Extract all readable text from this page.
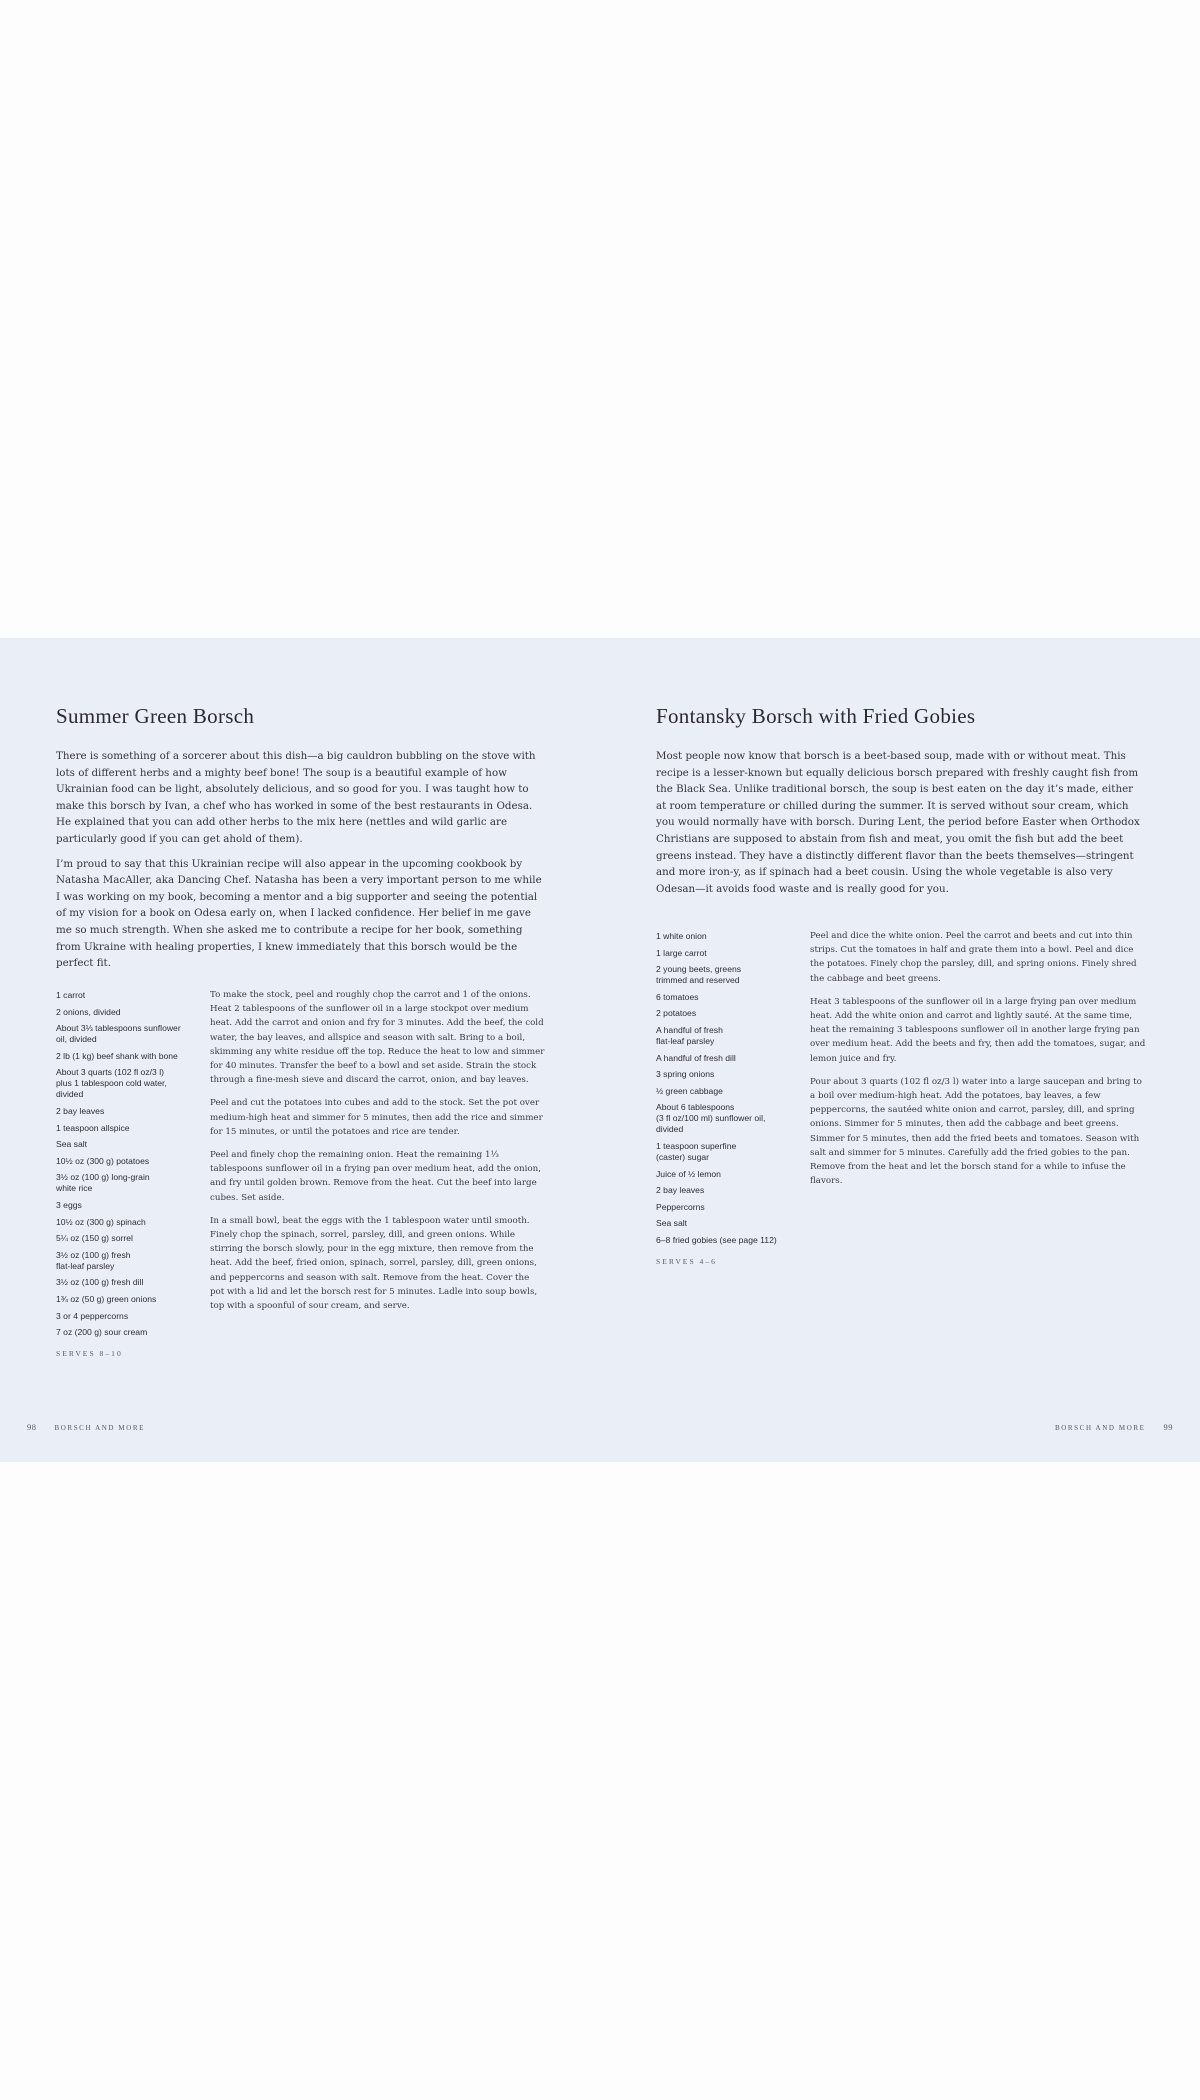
Summer Green Borsch

There is something of a sorcerer about this dish—a big cauldron bubbling on the stove with lots of different herbs and a mighty beef bone! The soup is a beautiful example of how Ukrainian food can be light, absolutely delicious, and so good for you. I was taught how to make this borsch by Ivan, a chef who has worked in some of the best restaurants in Odesa. He explained that you can add other herbs to the mix here (nettles and wild garlic are particularly good if you can get ahold of them).

I’m proud to say that this Ukrainian recipe will also appear in the upcoming cookbook by Natasha MacAller, aka Dancing Chef. Natasha has been a very important person to me while I was working on my book, becoming a mentor and a big supporter and seeing the potential of my vision for a book on Odesa early on, when I lacked confidence. Her belief in me gave me so much strength. When she asked me to contribute a recipe for her book, something from Ukraine with healing properties, I knew immediately that this borsch would be the perfect fit.

1 carrot
2 onions, divided
About 3⅓ tablespoons sunflower
oil, divided
2 lb (1 kg) beef shank with bone
About 3 quarts (102 fl oz/3 l)
plus 1 tablespoon cold water,
divided
2 bay leaves
1 teaspoon allspice
Sea salt
10½ oz (300 g) potatoes
3½ oz (100 g) long-grain
white rice
3 eggs
10½ oz (300 g) spinach
5¼ oz (150 g) sorrel
3½ oz (100 g) fresh
flat-leaf parsley
3½ oz (100 g) fresh dill
1¾ oz (50 g) green onions
3 or 4 peppercorns
7 oz (200 g) sour cream
SERVES 8–10

To make the stock, peel and roughly chop the carrot and 1 of the onions. Heat 2 tablespoons of the sunflower oil in a large stockpot over medium heat. Add the carrot and onion and fry for 3 minutes. Add the beef, the cold water, the bay leaves, and allspice and season with salt. Bring to a boil, skimming any white residue off the top. Reduce the heat to low and simmer for 40 minutes. Transfer the beef to a bowl and set aside. Strain the stock through a fine-mesh sieve and discard the carrot, onion, and bay leaves.

Peel and cut the potatoes into cubes and add to the stock. Set the pot over medium-high heat and simmer for 5 minutes, then add the rice and simmer for 15 minutes, or until the potatoes and rice are tender.

Peel and finely chop the remaining onion. Heat the remaining 1⅓ tablespoons sunflower oil in a frying pan over medium heat, add the onion, and fry until golden brown. Remove from the heat. Cut the beef into large cubes. Set aside.

In a small bowl, beat the eggs with the 1 tablespoon water until smooth. Finely chop the spinach, sorrel, parsley, dill, and green onions. While stirring the borsch slowly, pour in the egg mixture, then remove from the heat. Add the beef, fried onion, spinach, sorrel, parsley, dill, green onions, and peppercorns and season with salt. Remove from the heat. Cover the pot with a lid and let the borsch rest for 5 minutes. Ladle into soup bowls, top with a spoonful of sour cream, and serve.

98	BORSCH AND MORE
Fontansky Borsch with Fried Gobies

Most people now know that borsch is a beet-based soup, made with or without meat. This recipe is a lesser-known but equally delicious borsch prepared with freshly caught fish from the Black Sea. Unlike traditional borsch, the soup is best eaten on the day it’s made, either at room temperature or chilled during the summer. It is served without sour cream, which you would normally have with borsch. During Lent, the period before Easter when Orthodox Christians are supposed to abstain from fish and meat, you omit the fish but add the beet greens instead. They have a distinctly different flavor than the beets themselves—stringent and more iron-y, as if spinach had a beet cousin. Using the whole vegetable is also very Odesan—it avoids food waste and is really good for you.

1 white onion
1 large carrot
2 young beets, greens
trimmed and reserved
6 tomatoes
2 potatoes
A handful of fresh
flat-leaf parsley
A handful of fresh dill
3 spring onions
½ green cabbage
About 6 tablespoons
(3 fl oz/100 ml) sunflower oil,
divided
1 teaspoon superfine
(caster) sugar
Juice of ½ lemon
2 bay leaves
Peppercorns
Sea salt
6–8 fried gobies (see page 112)
SERVES 4–6

Peel and dice the white onion. Peel the carrot and beets and cut into thin strips. Cut the tomatoes in half and grate them into a bowl. Peel and dice the potatoes. Finely chop the parsley, dill, and spring onions. Finely shred the cabbage and beet greens.

Heat 3 tablespoons of the sunflower oil in a large frying pan over medium heat. Add the white onion and carrot and lightly sauté. At the same time, heat the remaining 3 tablespoons sunflower oil in another large frying pan over medium heat. Add the beets and fry, then add the tomatoes, sugar, and lemon juice and fry.

Pour about 3 quarts (102 fl oz/3 l) water into a large saucepan and bring to a boil over medium-high heat. Add the potatoes, bay leaves, a few peppercorns, the sautéed white onion and carrot, parsley, dill, and spring onions. Simmer for 5 minutes, then add the cabbage and beet greens. Simmer for 5 minutes, then add the fried beets and tomatoes. Season with salt and simmer for 5 minutes. Carefully add the fried gobies to the pan. Remove from the heat and let the borsch stand for a while to infuse the flavors.

BORSCH AND MORE 99
